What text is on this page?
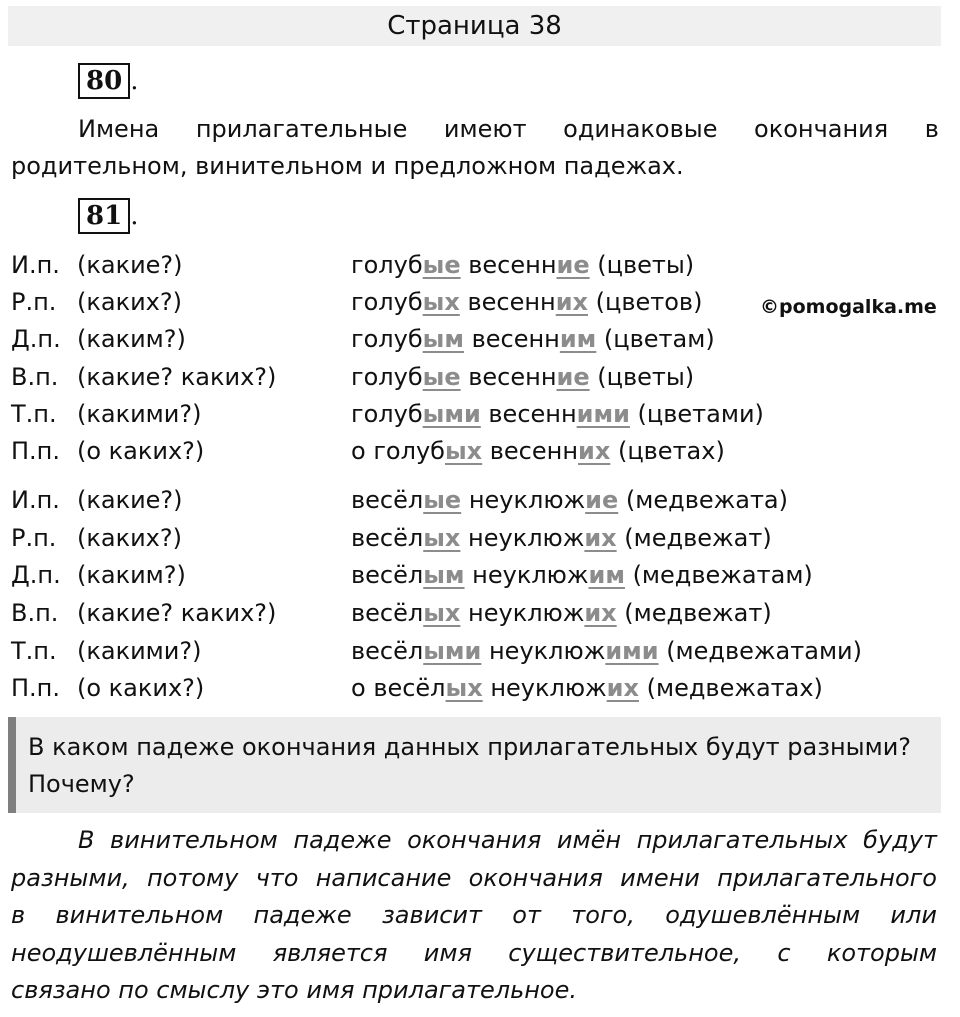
Страница 38
80 .
Имена прилагательные имеют одинаковые окончания в
родительном, винительном и предложном падежах.
81 .
И.п. (какие?)	голубые весенние (цветы)
Р.п. (каких?)	голубых весенних (цветов)
Д.п. (каким?)	голубым весенним (цветам)
В.п. (какие? каких?)	голубые весенние (цветы)
Т.п. (какими?)	голубыми весенними (цветами)
П.п. (о каких?)	о голубых весенних (цветах)
И.п. (какие?)	весёлые неуклюжие (медвежата)
Р.п. (каких?)	весёлых неуклюжих (медвежат)
Д.п. (каким?)	весёлым неуклюжим (медвежатам)
В.п. (какие? каких?)	весёлых неуклюжих (медвежат)
Т.п. (какими?)	весёлыми неуклюжими (медвежатами)
П.п. (о каких?)	о весёлых неуклюжих (медвежатах)
©pomogalka.me
В каком падеже окончания данных прилагательных будут разными?
Почему?
В винительном падеже окончания имён прилагательных будут
разными, потому что написание окончания имени прилагательного
в винительном падеже зависит от того, одушевлённым или
неодушевлённым является имя существительное, с которым
связано по смыслу это имя прилагательное.
